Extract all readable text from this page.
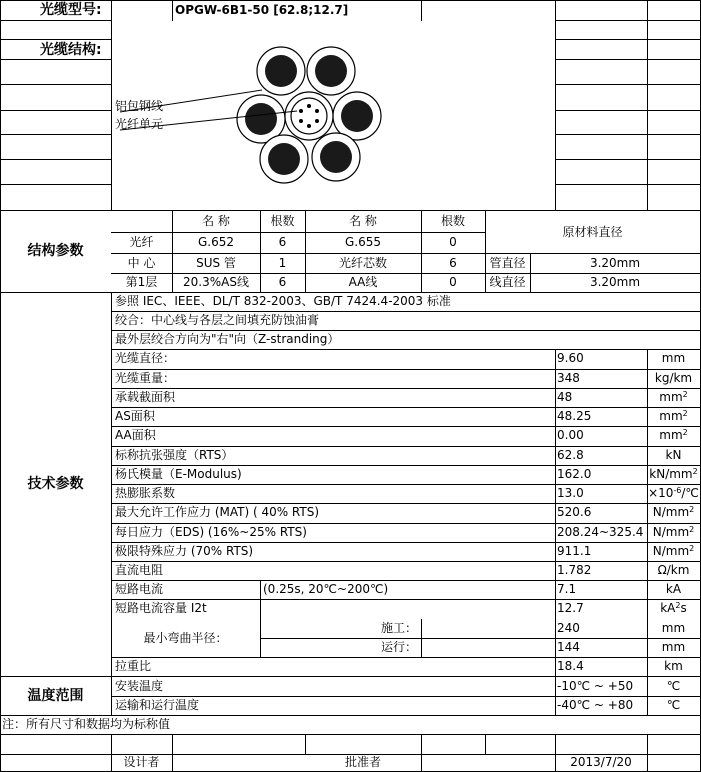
光缆型号:	OPGW-6B1-50 [62.8;12.7]
光缆结构:
结构参数
名 称	根数	名 称	根数
原材料直径
光纤	G.652	6	G.655	0
中 心	SUS 管	1	光纤芯数	6	管直径	3.20mm
第1层	20.3%AS线	6	AA线	0	线直径	3.20mm
技术参数
参照 IEC、IEEE、DL/T 832-2003、GB/T 7424.4-2003 标准
绞合：中心线与各层之间填充防蚀油膏
最外层绞合方向为"右"向（Z-stranding）
光缆直径：	9.60	mm
光缆重量：	348	kg/km
承载截面积	48	$mm^2$
AS面积	48.25	$mm^2$
AA面积	0.00	$mm^2$
标称抗张强度（RTS）	62.8	kN
杨氏模量（E-Modulus)	162.0	$kN/mm^2$
热膨胀系数	13.0	$\times 10^{-6}/℃$
最大允许工作应力 (MAT) ( 40% RTS)	520.6	$N/mm^2$
每日应力（EDS) (16%~25% RTS)	208.24~325.4 $N/mm^2$
极限特殊应力 (70% RTS)	911.1	$N/mm^2$
直流电阻	1.782	Ω/km
短路电流	(0.25s, 20℃~200℃)	7.1	kA
短路电流容量 I2t	12.7	$kA^2s$
最小弯曲半径：
施工：	240	mm
运行：	144	mm
拉重比	18.4	km
温度范围
安装温度	-10℃ ~ +50	℃
运输和运行温度	-40℃ ~ +80	℃
注：所有尺寸和数据均为标称值
设计者	批准者	2013/7/20
铝包钢线
光纤单元
